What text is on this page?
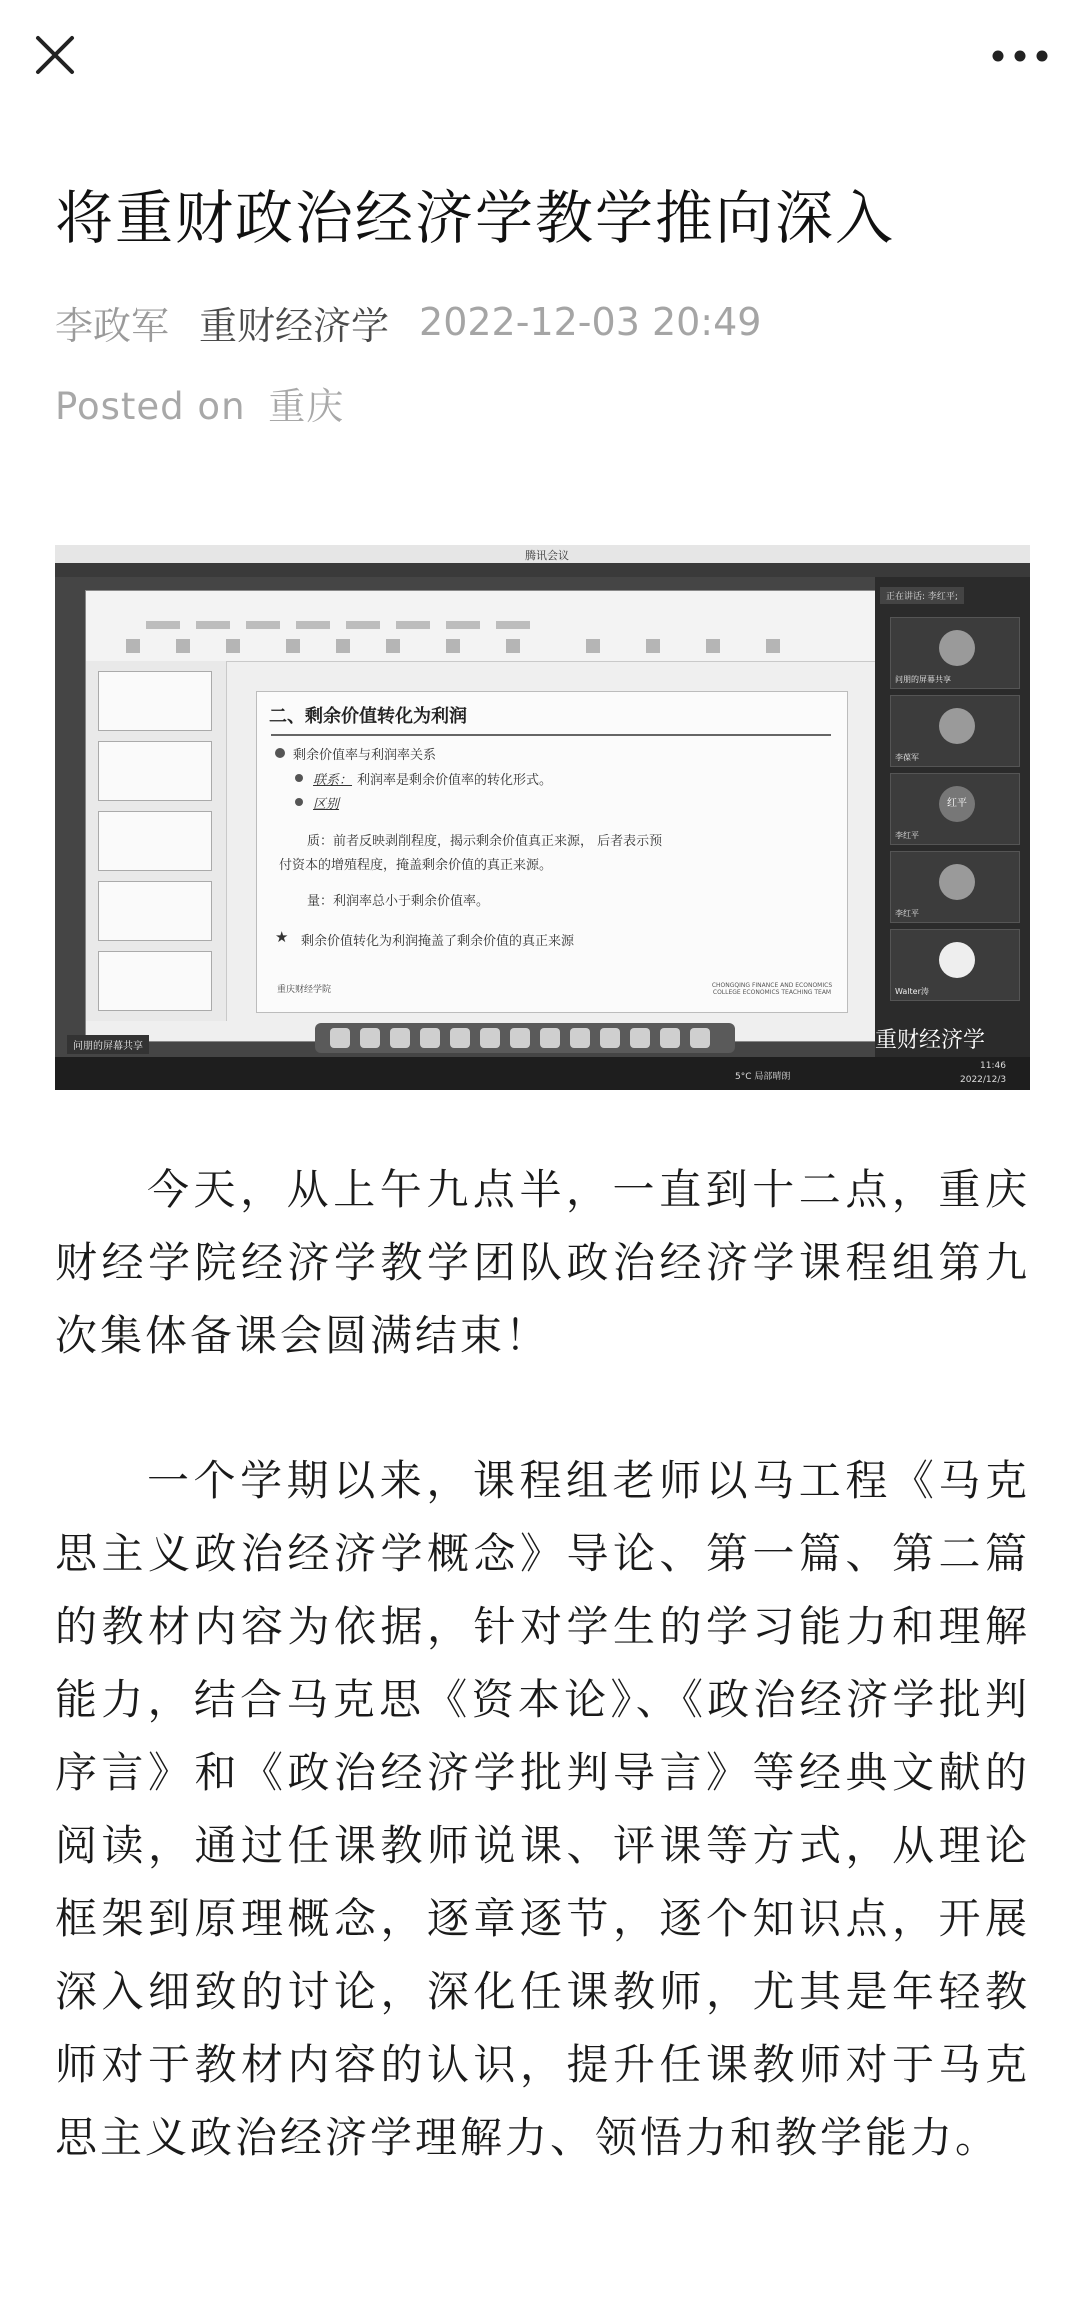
将重财政治经济学教学推向深入
李政军 重财经济学 2022-12-03 20:49
Posted on 重庆
腾讯会议
二、剩余价值转化为利润
剩余价值率与利润率关系
联系： 利润率是剩余价值率的转化形式。
区别
质：前者反映剥削程度，揭示剩余价值真正来源， 后者表示预
付资本的增殖程度，掩盖剩余价值的真正来源。
量：利润率总小于剩余价值率。
★ 剩余价值转化为利润掩盖了剩余价值的真正来源
重庆财经学院	CHONGQING FINANCE AND ECONOMICS COLLEGE ECONOMICS TEACHING TEAM
正在讲话: 李红平;
问朋的屏幕共享
李葆军
红平
李红平
李红平
Walter涛
问朋的屏幕共享
5°C 局部晴朗
11:46
2022/12/3
重财经济学

今天，从上午九点半，一直到十二点，重庆财经学院经济学教学团队政治经济学课程组第九次集体备课会圆满结束！

一个学期以来，课程组老师以马工程《马克思主义政治经济学概念》导论、第一篇、第二篇的教材内容为依据，针对学生的学习能力和理解能力，结合马克思《资本论》、《政治经济学批判序言》和《政治经济学批判导言》等经典文献的阅读，通过任课教师说课、评课等方式，从理论框架到原理概念，逐章逐节，逐个知识点，开展深入细致的讨论，深化任课教师，尤其是年轻教师对于教材内容的认识，提升任课教师对于马克思主义政治经济学理解力、领悟力和教学能力。
